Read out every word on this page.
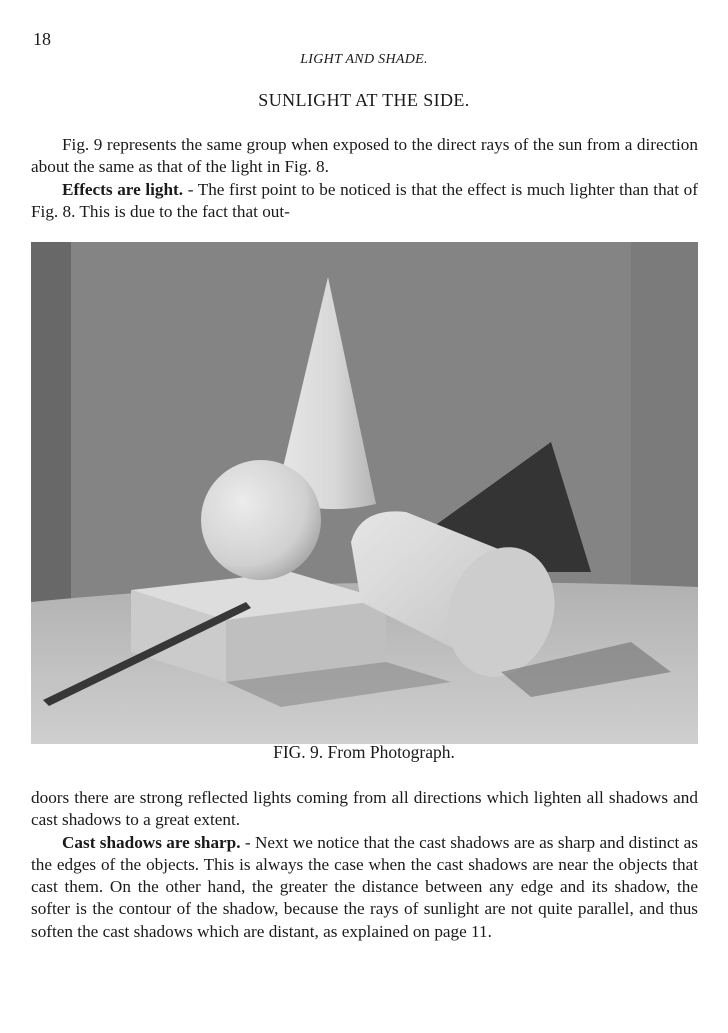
18
LIGHT AND SHADE.
SUNLIGHT AT THE SIDE.

Fig. 9 represents the same group when exposed to the direct rays of the sun from a direction about the same as that of the light in Fig. 8.

Effects are light. - The first point to be noticed is that the effect is much lighter than that of Fig. 8. This is due to the fact that out-

FIG. 9. From Photograph.

doors there are strong reflected lights coming from all directions which lighten all shadows and cast shadows to a great extent.

Cast shadows are sharp. - Next we notice that the cast shadows are as sharp and distinct as the edges of the objects. This is always the case when the cast shadows are near the objects that cast them. On the other hand, the greater the distance between any edge and its shadow, the softer is the contour of the shadow, because the rays of sunlight are not quite parallel, and thus soften the cast shadows which are distant, as explained on page 11.
